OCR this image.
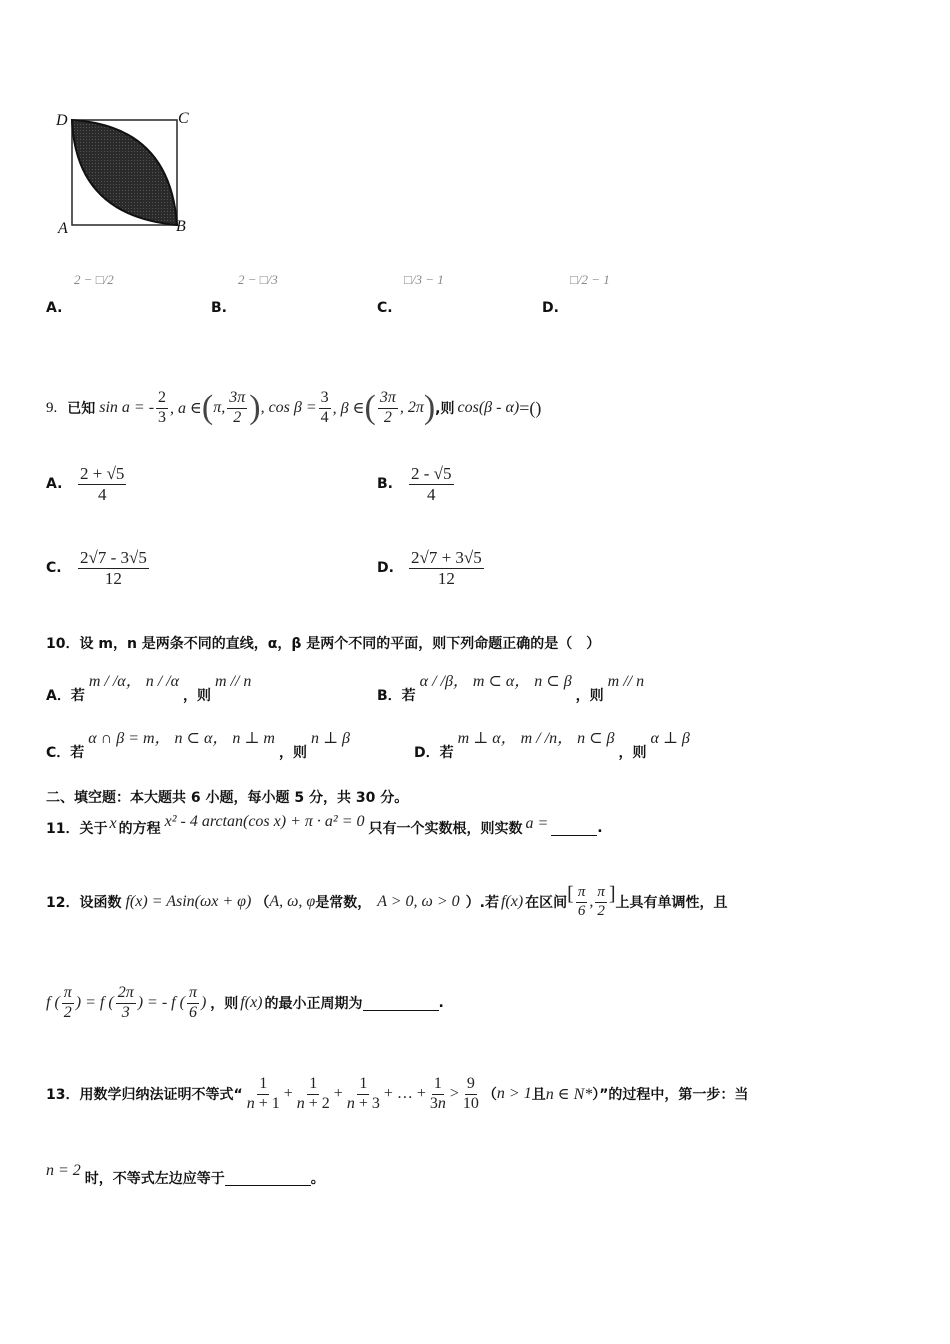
D	C
A	B
2 − □/2
A.
2 − □/3
B.
□/3 − 1
C.
□/2 − 1
D.
9. 已知 sin a = - $\frac{2}{3}$ , a ∈ ( π, $\frac{3\pi}{2}$ ) , $\cos \beta = \frac{3}{4}$ , β ∈ ( $\frac{3\pi}{2}$ , 2π ) ,则 cos(β - α) =()
A. $\frac{2 + √5}{4}$	B. $\frac{2 - √5}{4}$
C. $\frac{2√7 - 3√5}{12}$	D. $\frac{2√7 + 3√5}{12}$
10．设 m，n 是两条不同的直线，α，β 是两个不同的平面，则下列命题正确的是（　）
A．若 m / /α， n / /α ，则 m // n
B．若 α / /β， m ⊂ α， n ⊂ β ，则 m // n
C．若 α ∩ β = m， n ⊂ α， n ⊥ m ，则 n ⊥ β
D．若 m ⊥ α， m / /n， n ⊂ β ，则 α ⊥ β
二、填空题：本大题共 6 小题，每小题 5 分，共 30 分。
11．关于 x 的方程 x² - 4 arctan(cos x) + π · a² = 0 只有一个实数根，则实数 a =	.
12．设函数 f(x) = Asin(ωx + φ) （ A, ω, φ 是常数， A > 0, ω > 0 ）.若 f(x) 在区间 [ $\frac{\pi}{6}$ , $\frac{\pi}{2}$ ] 上具有单调性，且
f ( $\frac{\pi}{2}$ ) = f ( $\frac{2\pi}{3}$ ) = - f ( $\frac{\pi}{6}$ ) ，则 f(x) 的最小正周期为	.
13．用数学归纳法证明不等式“ $\frac{1}{n + 1} + \frac{1}{n + 2} + \frac{1}{n + 3}$ + … + $\frac{1}{3n} > \frac{9}{10}$ （ n > 1 且 n ∈ N* ）”的过程中，第一步：当
n = 2 时，不等式左边应等于	。
